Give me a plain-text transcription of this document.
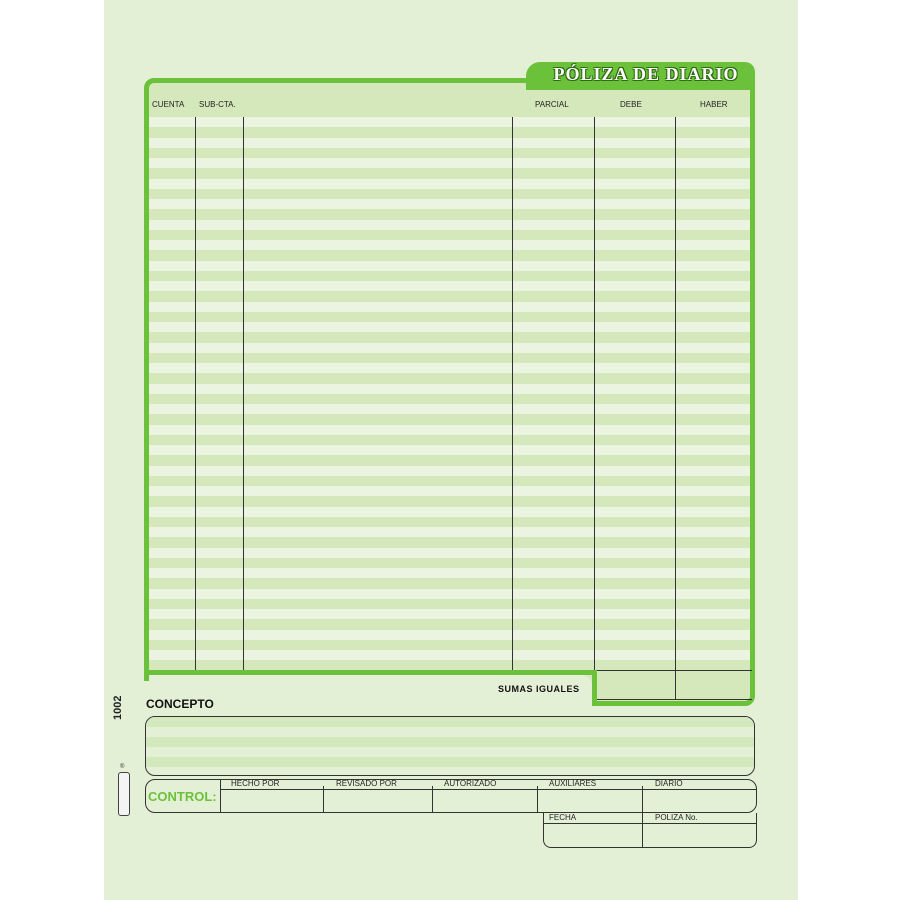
PÓLIZA DE DIARIO
CUENTA SUB-CTA.	PARCIAL	DEBE	HABER
SUMAS IGUALES
CONCEPTO
CONTROL:
HECHO POR	REVISADO POR	AUTORIZADO	AUXILIARES	DIARIO
FECHA	POLIZA No.
1002
®
